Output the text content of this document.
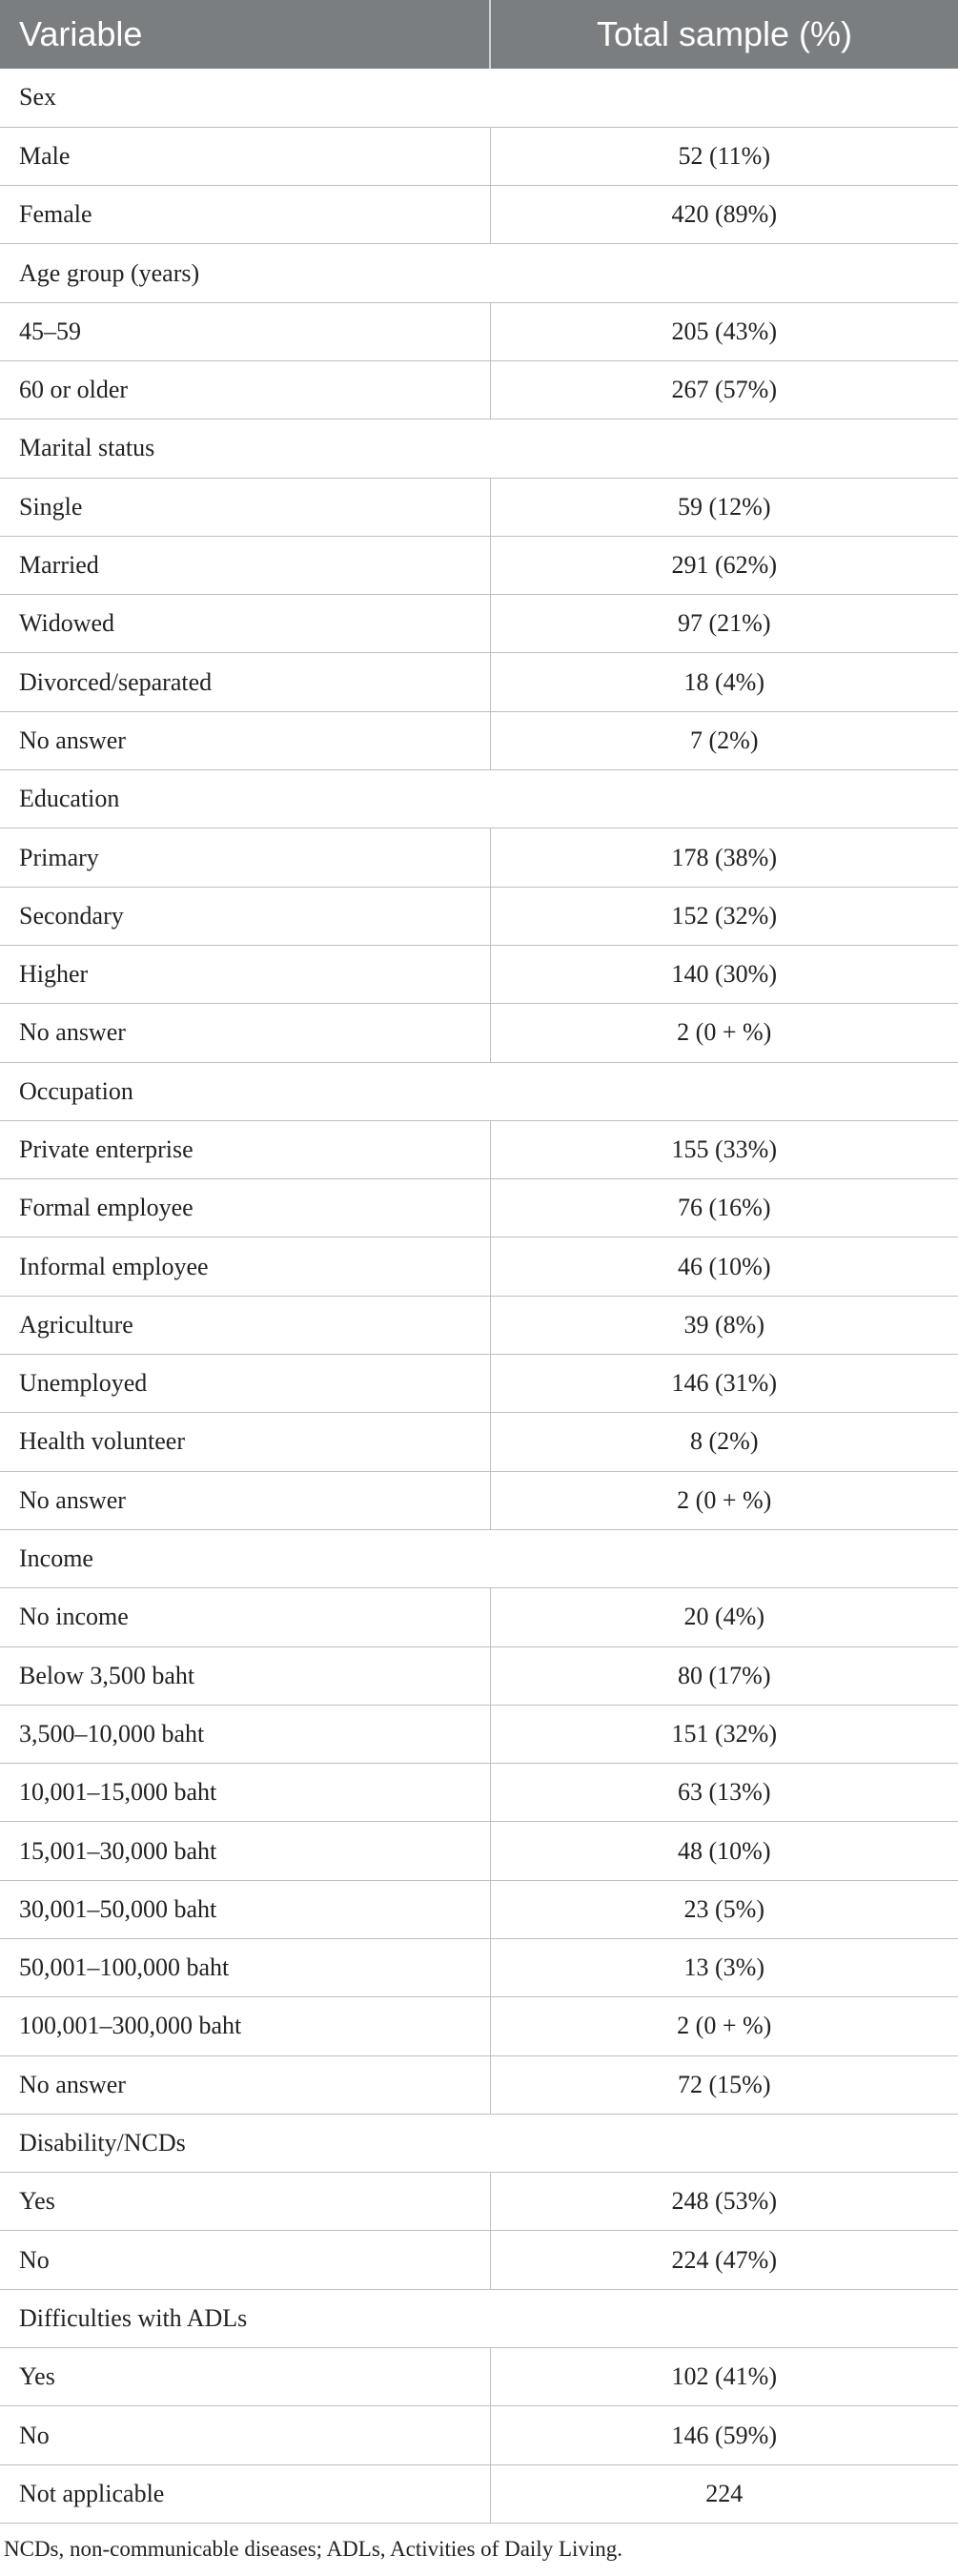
Variable	Total sample (%)
Sex	
Male	52 (11%)
Female	420 (89%)
Age group (years)	
45–59	205 (43%)
60 or older	267 (57%)
Marital status	
Single	59 (12%)
Married	291 (62%)
Widowed	97 (21%)
Divorced/separated	18 (4%)
No answer	7 (2%)
Education	
Primary	178 (38%)
Secondary	152 (32%)
Higher	140 (30%)
No answer	2 (0 + %)
Occupation	
Private enterprise	155 (33%)
Formal employee	76 (16%)
Informal employee	46 (10%)
Agriculture	39 (8%)
Unemployed	146 (31%)
Health volunteer	8 (2%)
No answer	2 (0 + %)
Income	
No income	20 (4%)
Below 3,500 baht	80 (17%)
3,500–10,000 baht	151 (32%)
10,001–15,000 baht	63 (13%)
15,001–30,000 baht	48 (10%)
30,001–50,000 baht	23 (5%)
50,001–100,000 baht	13 (3%)
100,001–300,000 baht	2 (0 + %)
No answer	72 (15%)
Disability/NCDs	
Yes	248 (53%)
No	224 (47%)
Difficulties with ADLs	
Yes	102 (41%)
No	146 (59%)
Not applicable	224
NCDs, non-communicable diseases; ADLs, Activities of Daily Living.
